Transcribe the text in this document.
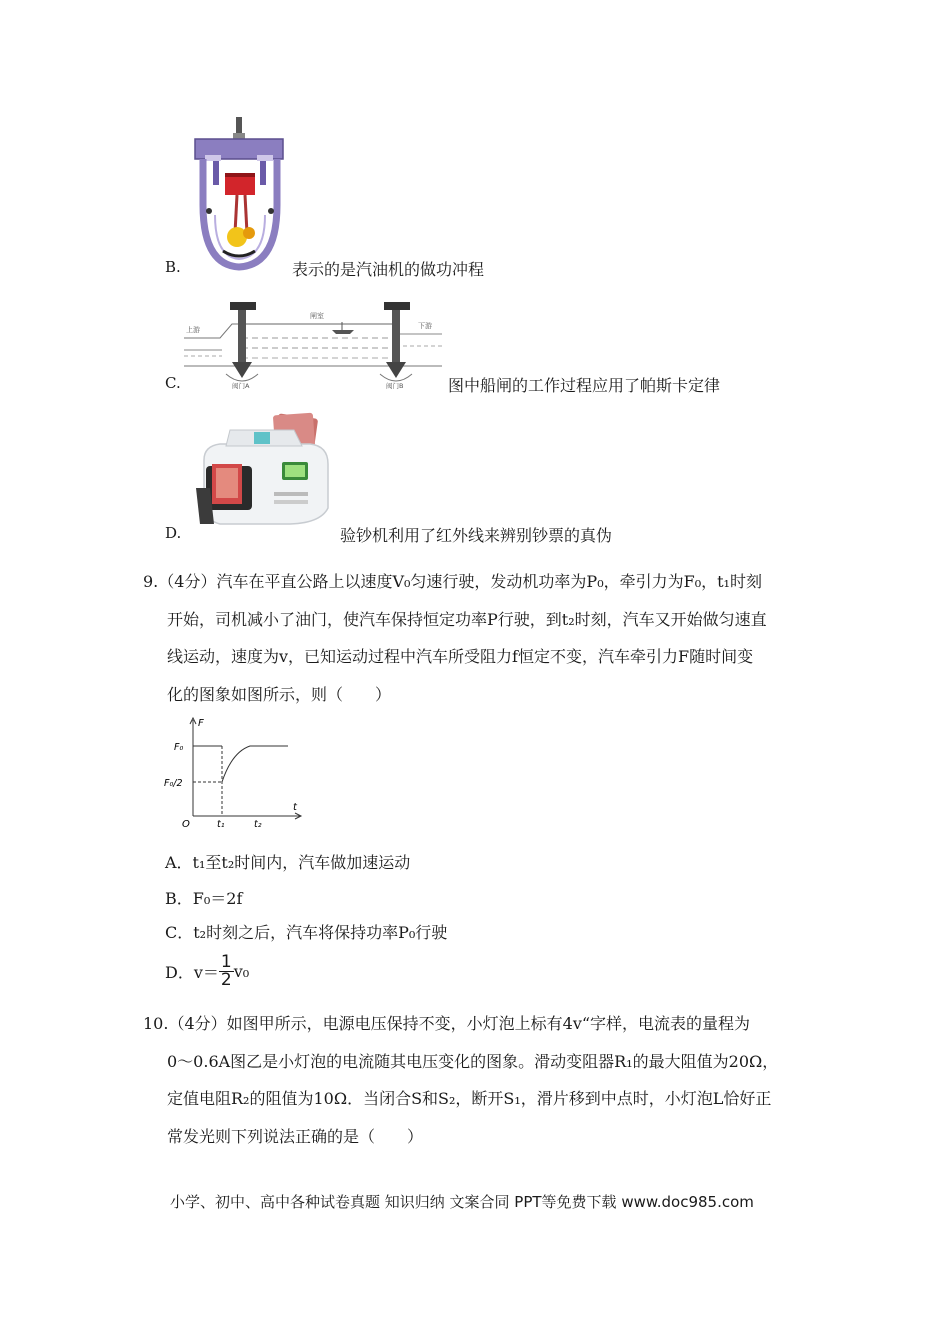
B.	表示的是汽油机的做功冲程
上游	下游
闸室
阀门A	阀门B
C.	图中船闸的工作过程应用了帕斯卡定律
D.	验钞机利用了红外线来辨别钞票的真伪
9.（4分）汽车在平直公路上以速度V₀匀速行驶，发动机功率为P₀，牵引力为F₀，t₁时刻
开始，司机减小了油门，使汽车保持恒定功率P行驶，到t₂时刻，汽车又开始做匀速直
线运动，速度为v，已知运动过程中汽车所受阻力f恒定不变，汽车牵引力F随时间变
化的图象如图所示，则（　　）
F
t
O
F₀
F₀/2
t₁	t₂
A．t₁至t₂时间内，汽车做加速运动
B．F₀＝2f
C．t₂时刻之后，汽车将保持功率P₀行驶
D．$v= \frac{1}{2} v_0$
10.（4分）如图甲所示，电源电压保持不变，小灯泡上标有4v“字样，电流表的量程为
0～0.6A图乙是小灯泡的电流随其电压变化的图象。滑动变阻器R₁的最大阻值为20Ω，
定值电阻R₂的阻值为10Ω．当闭合S和S₂，断开S₁，滑片移到中点时，小灯泡L恰好正
常发光则下列说法正确的是（　　）
小学、初中、高中各种试卷真题 知识归纳 文案合同 PPT等免费下载 www.doc985.com
